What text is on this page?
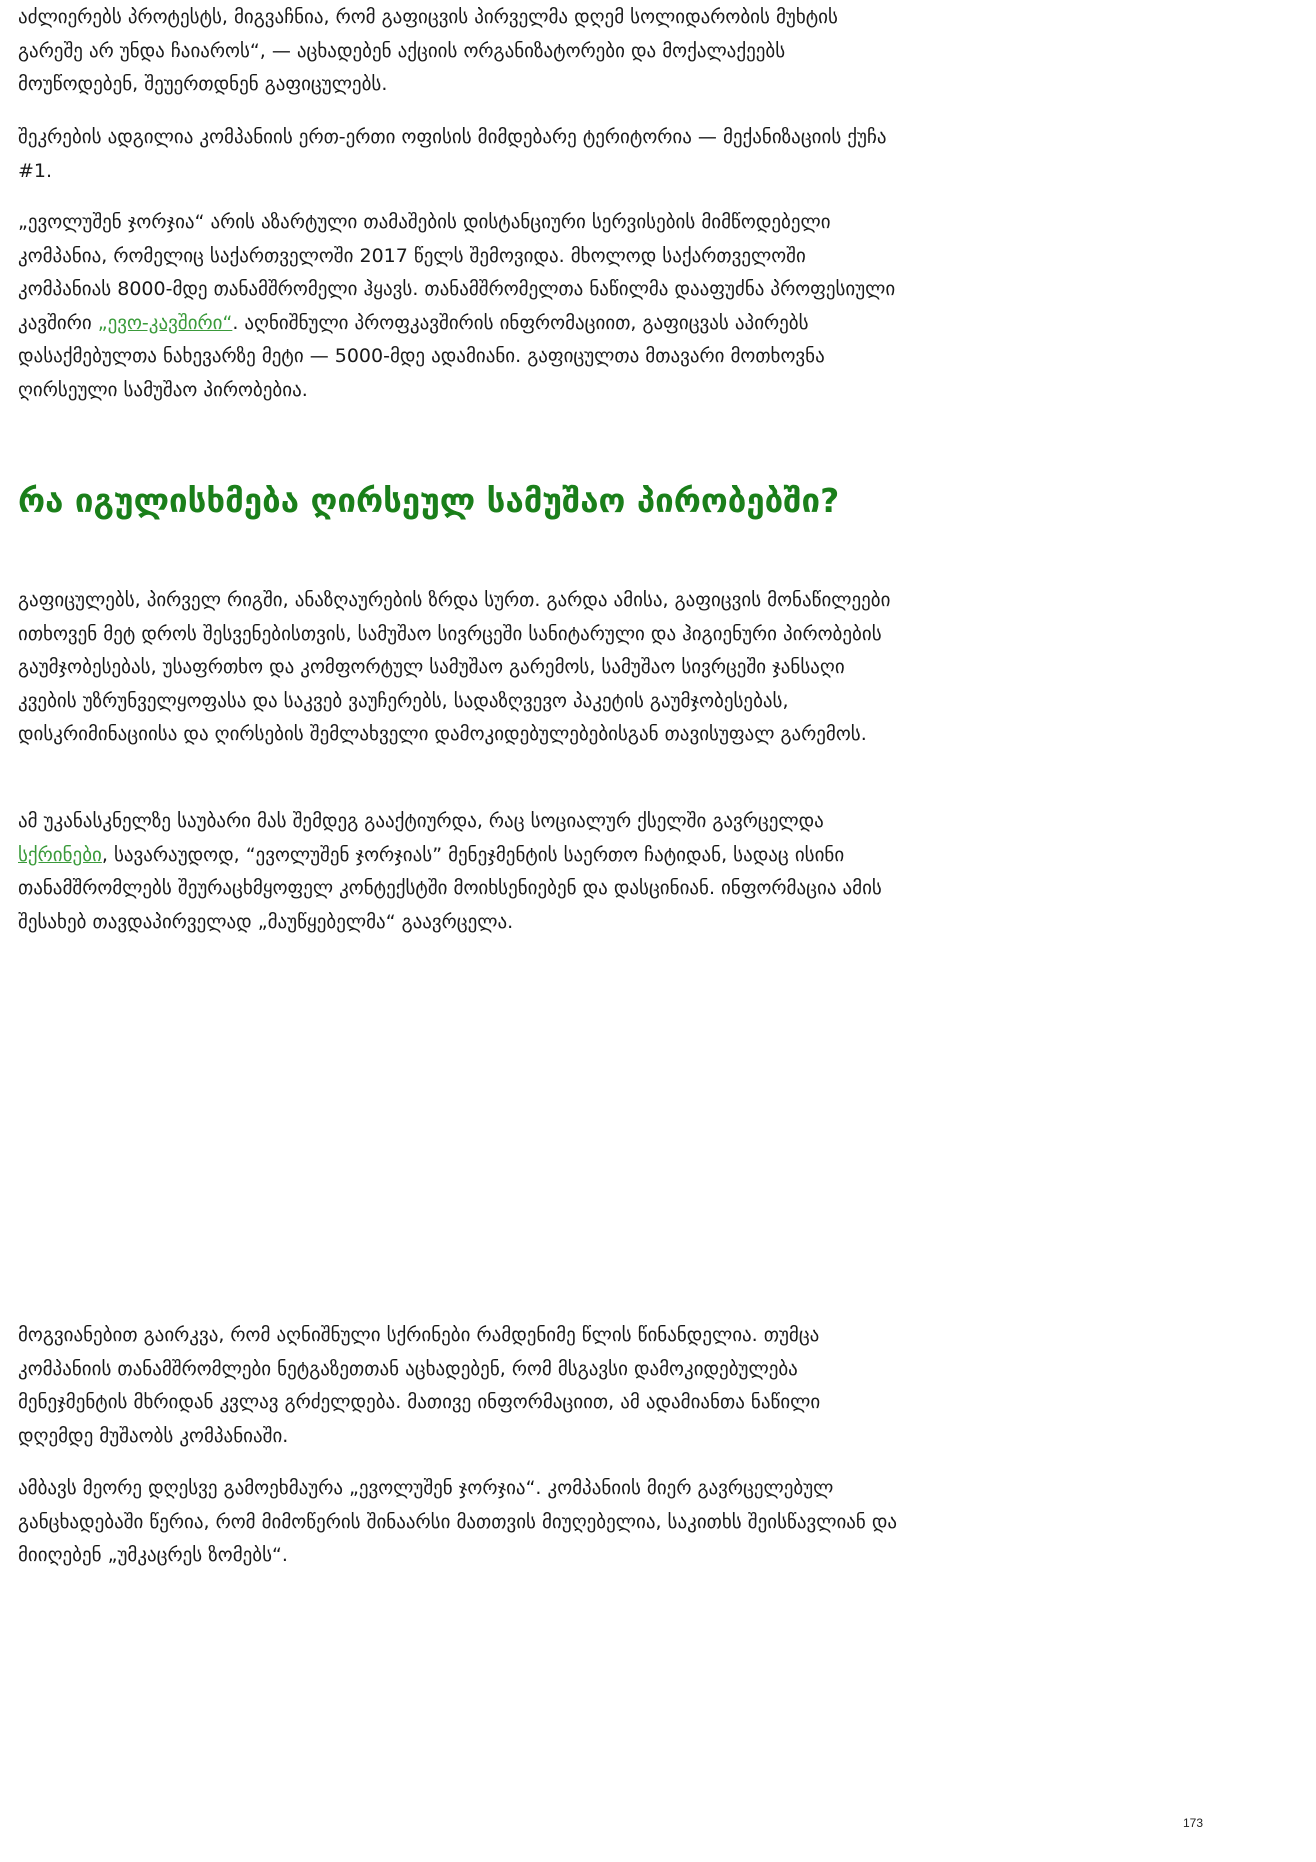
აძლიერებს პროტესტს, მიგვაჩნია, რომ გაფიცვის პირველმა დღემ სოლიდარობის მუხტის გარეშე არ უნდა ჩაიაროს“, — აცხადებენ აქციის ორგანიზატორები და მოქალაქეებს მოუწოდებენ, შეუერთდნენ გაფიცულებს.

შეკრების ადგილია კომპანიის ერთ-ერთი ოფისის მიმდებარე ტერიტორია — მექანიზაციის ქუჩა #1.

„ევოლუშენ ჯორჯია“ არის აზარტული თამაშების დისტანციური სერვისების მიმწოდებელი კომპანია, რომელიც საქართველოში 2017 წელს შემოვიდა. მხოლოდ საქართველოში კომპანიას 8000-მდე თანამშრომელი ჰყავს. თანამშრომელთა ნაწილმა დააფუძნა პროფესიული კავშირი „ევო-კავშირი“. აღნიშნული პროფკავშირის ინფრომაციით, გაფიცვას აპირებს დასაქმებულთა ნახევარზე მეტი — 5000-მდე ადამიანი. გაფიცულთა მთავარი მოთხოვნა ღირსეული სამუშაო პირობებია.

რა იგულისხმება ღირსეულ სამუშაო პირობებში?

გაფიცულებს, პირველ რიგში, ანაზღაურების ზრდა სურთ. გარდა ამისა, გაფიცვის მონაწილეები ითხოვენ მეტ დროს შესვენებისთვის, სამუშაო სივრცეში სანიტარული და ჰიგიენური პირობების გაუმჯობესებას, უსაფრთხო და კომფორტულ სამუშაო გარემოს, სამუშაო სივრცეში ჯანსაღი კვების უზრუნველყოფასა და საკვებ ვაუჩერებს, სადაზღვევო პაკეტის გაუმჯობესებას, დისკრიმინაციისა და ღირსების შემლახველი დამოკიდებულებებისგან თავისუფალ გარემოს.

ამ უკანასკნელზე საუბარი მას შემდეგ გააქტიურდა, რაც სოციალურ ქსელში გავრცელდა სქრინები, სავარაუდოდ, “ევოლუშენ ჯორჯიას” მენეჯმენტის საერთო ჩატიდან, სადაც ისინი თანამშრომლებს შეურაცხმყოფელ კონტექსტში მოიხსენიებენ და დასცინიან. ინფორმაცია ამის შესახებ თავდაპირველად „მაუწყებელმა“ გაავრცელა.

მოგვიანებით გაირკვა, რომ აღნიშნული სქრინები რამდენიმე წლის წინანდელია. თუმცა კომპანიის თანამშრომლები ნეტგაზეთთან აცხადებენ, რომ მსგავსი დამოკიდებულება მენეჯმენტის მხრიდან კვლავ გრძელდება. მათივე ინფორმაციით, ამ ადამიანთა ნაწილი დღემდე მუშაობს კომპანიაში.

ამბავს მეორე დღესვე გამოეხმაურა „ევოლუშენ ჯორჯია“. კომპანიის მიერ გავრცელებულ განცხადებაში წერია, რომ მიმოწერის შინაარსი მათთვის მიუღებელია, საკითხს შეისწავლიან და მიიღებენ „უმკაცრეს ზომებს“.

173
